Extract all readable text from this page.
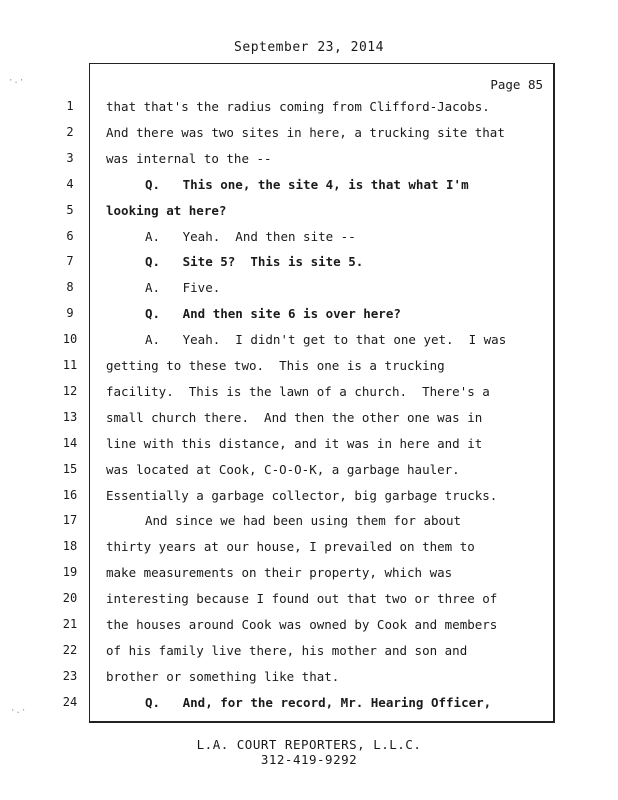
September 23, 2014
Page 85
1	that that's the radius coming from Clifford-Jacobs.
2	And there was two sites in here, a trucking site that
3	was internal to the --
4	Q.   This one, the site 4, is that what I'm
5	looking at here?
6	A.   Yeah.  And then site --
7	Q.   Site 5?  This is site 5.
8	A.   Five.
9	Q.   And then site 6 is over here?
10	A.   Yeah.  I didn't get to that one yet.  I was
11	getting to these two.  This one is a trucking
12	facility.  This is the lawn of a church.  There's a
13	small church there.  And then the other one was in
14	line with this distance, and it was in here and it
15	was located at Cook, C-O-O-K, a garbage hauler.
16	Essentially a garbage collector, big garbage trucks.
17	And since we had been using them for about
18	thirty years at our house, I prevailed on them to
19	make measurements on their property, which was
20	interesting because I found out that two or three of
21	the houses around Cook was owned by Cook and members
22	of his family live there, his mother and son and
23	brother or something like that.
24	Q.   And, for the record, Mr. Hearing Officer,
L.A. COURT REPORTERS, L.L.C.
312-419-9292
·.·
·.·
